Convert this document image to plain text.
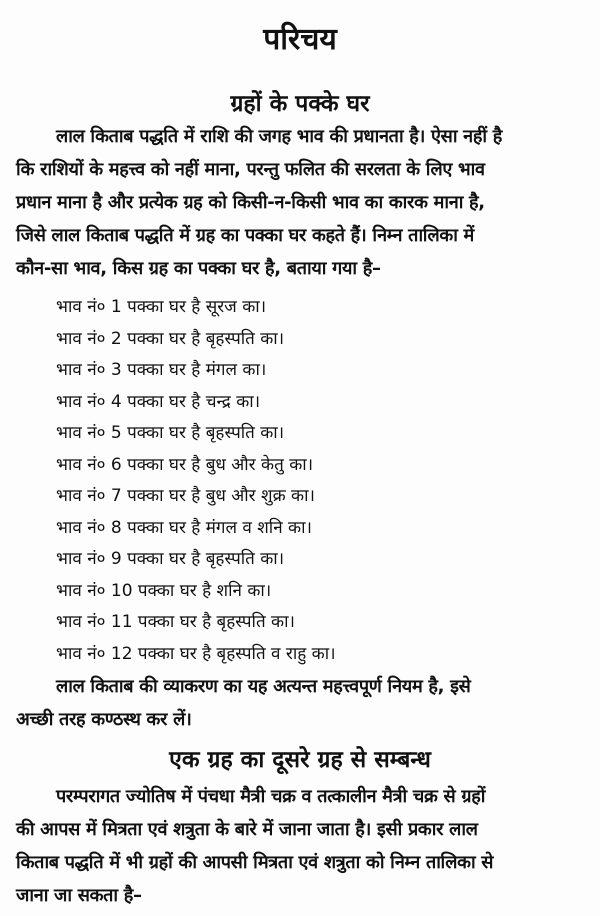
परिचय
ग्रहों के पक्के घर
लाल किताब पद्धति में राशि की जगह भाव की प्रधानता है। ऐसा नहीं है
कि राशियों के महत्त्व को नहीं माना, परन्तु फलित की सरलता के लिए भाव
प्रधान माना है और प्रत्येक ग्रह को किसी-न-किसी भाव का कारक माना है,
जिसे लाल किताब पद्धति में ग्रह का पक्का घर कहते हैं। निम्न तालिका में
कौन-सा भाव, किस ग्रह का पक्का घर है, बताया गया है–
भाव नं० 1 पक्का घर है सूरज का।
भाव नं० 2 पक्का घर है बृहस्पति का।
भाव नं० 3 पक्का घर है मंगल का।
भाव नं० 4 पक्का घर है चन्द्र का।
भाव नं० 5 पक्का घर है बृहस्पति का।
भाव नं० 6 पक्का घर है बुध और केतु का।
भाव नं० 7 पक्का घर है बुध और शुक्र का।
भाव नं० 8 पक्का घर है मंगल व शनि का।
भाव नं० 9 पक्का घर है बृहस्पति का।
भाव नं० 10 पक्का घर है शनि का।
भाव नं० 11 पक्का घर है बृहस्पति का।
भाव नं० 12 पक्का घर है बृहस्पति व राहु का।
लाल किताब की व्याकरण का यह अत्यन्त महत्त्वपूर्ण नियम है, इसे
अच्छी तरह कण्ठस्थ कर लें।
एक ग्रह का दूसरे ग्रह से सम्बन्ध
परम्परागत ज्योतिष में पंचधा मैत्री चक्र व तत्कालीन मैत्री चक्र से ग्रहों
की आपस में मित्रता एवं शत्रुता के बारे में जाना जाता है। इसी प्रकार लाल
किताब पद्धति में भी ग्रहों की आपसी मित्रता एवं शत्रुता को निम्न तालिका से
जाना जा सकता है–
